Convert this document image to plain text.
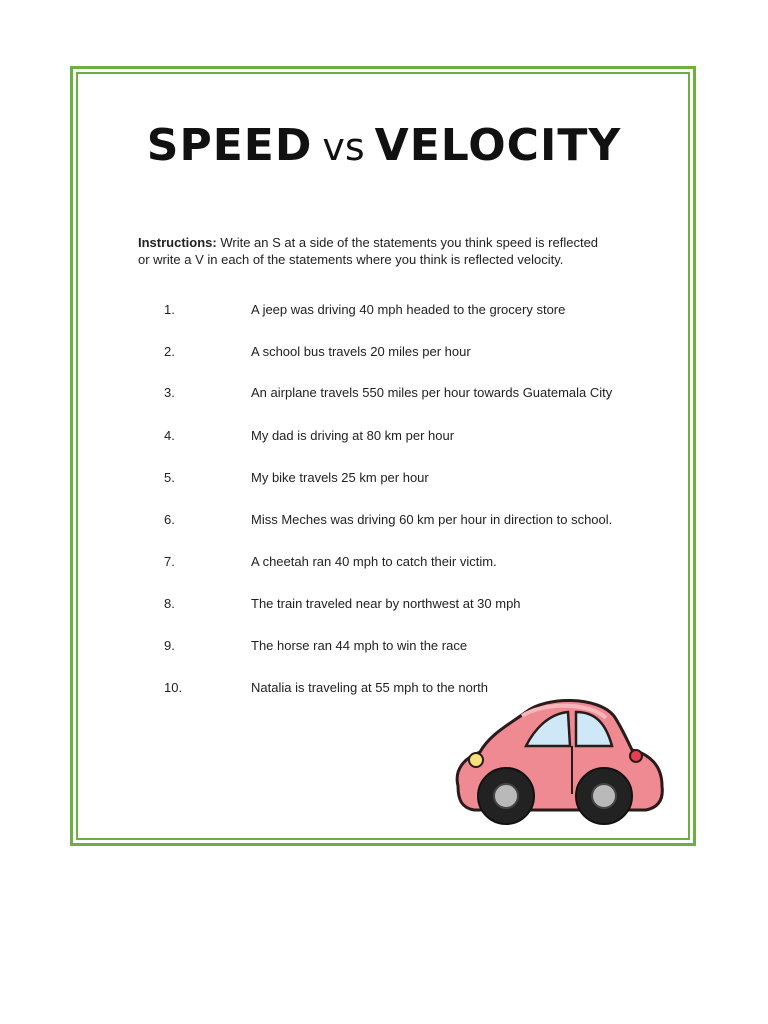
SPEED vs VELOCITY
Instructions: Write an S at a side of the statements you think speed is reflected
or write a V in each of the statements where you think is reflected velocity.
1.	A jeep was driving 40 mph headed to the grocery store
2.	A school bus travels 20 miles per hour
3.	An airplane travels 550 miles per hour towards Guatemala City
4.	My dad is driving at 80 km per hour
5.	My bike travels 25 km per hour
6.	Miss Meches was driving 60 km per hour in direction to school.
7.	A cheetah ran 40 mph to catch their victim.
8.	The train traveled near by northwest at 30 mph
9.	The horse ran 44 mph to win the race
10.	Natalia is traveling at 55 mph to the north
